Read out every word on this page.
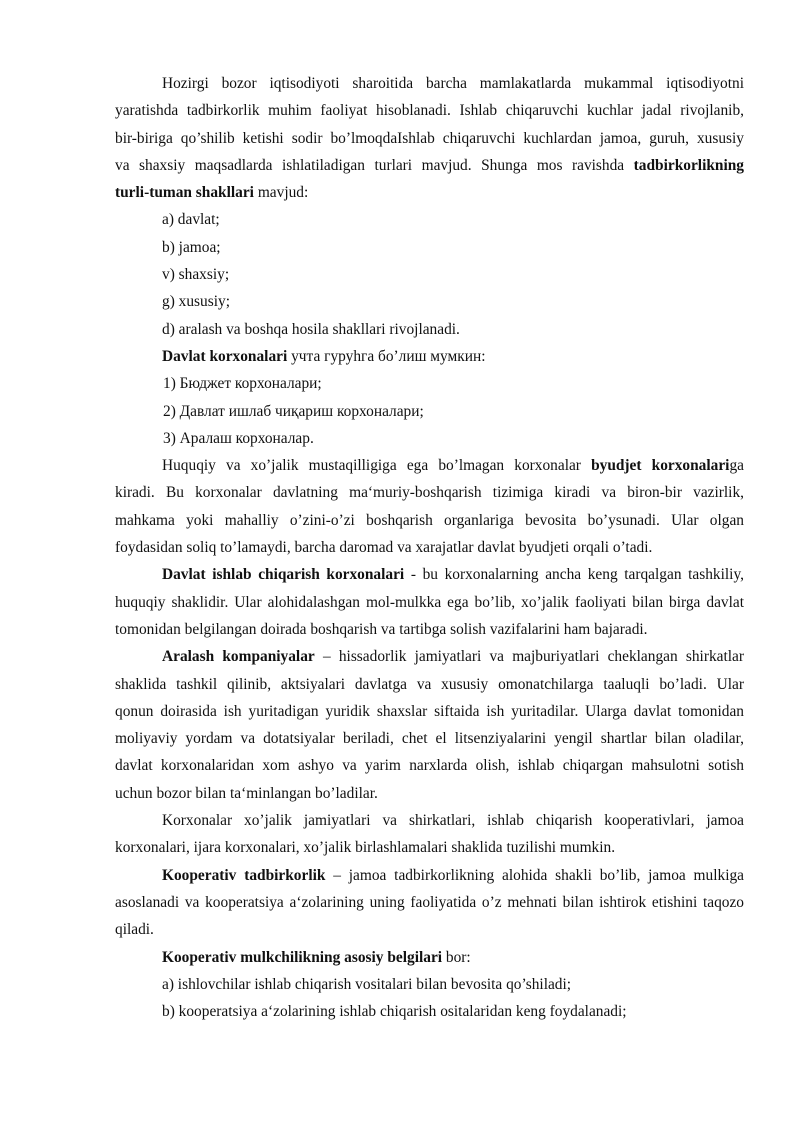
Hozirgi bozor iqtisodiyoti sharoitida barcha mamlakatlarda mukammal iqtisodiyotni
yaratishda tadbirkorlik muhim faoliyat hisoblanadi. Ishlab chiqaruvchi kuchlar jadal rivojlanib,
bir-biriga qo’shilib ketishi sodir bo’lmoqdaIshlab chiqaruvchi kuchlardan jamoa, guruh, xususiy
va shaxsiy maqsadlarda ishlatiladigan turlari mavjud. Shunga mos ravishda tadbirkorlikning
turli-tuman shakllari mavjud:
a) davlat;
b) jamoa;
v) shaxsiy;
g) xususiy;
d) aralash va boshqa hosila shakllari rivojlanadi.
Davlat korxonalari учта гуруhга бо’лиш мумкин:
1) Бюджет корхоналари;
2) Давлат ишлаб чиқариш корхоналари;
3) Аралаш корхоналар.
Huquqiy va xo’jalik mustaqilligiga ega bo’lmagan korxonalar byudjet korxonalariga
kiradi. Bu korxonalar davlatning ma‘muriy-boshqarish tizimiga kiradi va biron-bir vazirlik,
mahkama yoki mahalliy o’zini-o’zi boshqarish organlariga bevosita bo’ysunadi. Ular olgan
foydasidan soliq to’lamaydi, barcha daromad va xarajatlar davlat byudjeti orqali o’tadi.
Davlat ishlab chiqarish korxonalari - bu korxonalarning ancha keng tarqalgan tashkiliy,
huquqiy shaklidir. Ular alohidalashgan mol-mulkka ega bo’lib, xo’jalik faoliyati bilan birga davlat
tomonidan belgilangan doirada boshqarish va tartibga solish vazifalarini ham bajaradi.
Aralash kompaniyalar – hissadorlik jamiyatlari va majburiyatlari cheklangan shirkatlar
shaklida tashkil qilinib, aktsiyalari davlatga va xususiy omonatchilarga taaluqli bo’ladi. Ular
qonun doirasida ish yuritadigan yuridik shaxslar siftaida ish yuritadilar. Ularga davlat tomonidan
moliyaviy yordam va dotatsiyalar beriladi, chet el litsenziyalarini yengil shartlar bilan oladilar,
davlat korxonalaridan xom ashyo va yarim narxlarda olish, ishlab chiqargan mahsulotni sotish
uchun bozor bilan ta‘minlangan bo’ladilar.
Korxonalar xo’jalik jamiyatlari va shirkatlari, ishlab chiqarish kooperativlari, jamoa
korxonalari, ijara korxonalari, xo’jalik birlashlamalari shaklida tuzilishi mumkin.
Kooperativ tadbirkorlik – jamoa tadbirkorlikning alohida shakli bo’lib, jamoa mulkiga
asoslanadi va kooperatsiya a‘zolarining uning faoliyatida o’z mehnati bilan ishtirok etishini taqozo
qiladi.
Kooperativ mulkchilikning asosiy belgilari bor:
a) ishlovchilar ishlab chiqarish vositalari bilan bevosita qo’shiladi;
b) kooperatsiya a‘zolarining ishlab chiqarish ositalaridan keng foydalanadi;
